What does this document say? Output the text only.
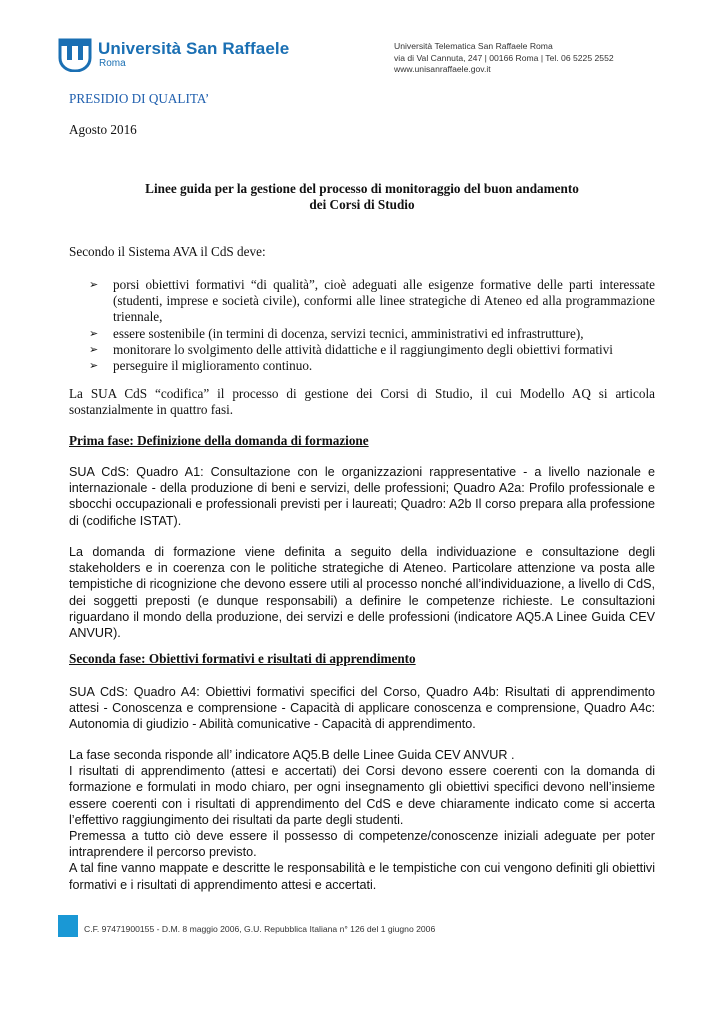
Università San Raffaele
Roma
Università Telematica San Raffaele Roma
via di Val Cannuta, 247 | 00166 Roma | Tel. 06 5225 2552
www.unisanraffaele.gov.it
PRESIDIO DI QUALITA’
Agosto 2016
Linee guida per la gestione del processo di monitoraggio del buon andamento
dei Corsi di Studio
Secondo il Sistema AVA il CdS deve:
➢ porsi obiettivi formativi “di qualità”, cioè adeguati alle esigenze formative delle parti interessate (studenti, imprese e società civile), conformi alle linee strategiche di Ateneo ed alla programmazione triennale,
➢ essere sostenibile (in termini di docenza, servizi tecnici, amministrativi ed infrastrutture),
➢ monitorare lo svolgimento delle attività didattiche e il raggiungimento degli obiettivi formativi
➢ perseguire il miglioramento continuo.
La SUA CdS “codifica” il processo di gestione dei Corsi di Studio, il cui Modello AQ si articola sostanzialmente in quattro fasi.
Prima fase: Definizione della domanda di formazione
SUA CdS: Quadro A1: Consultazione con le organizzazioni rappresentative - a livello nazionale e internazionale - della produzione di beni e servizi, delle professioni; Quadro A2a: Profilo professionale e sbocchi occupazionali e professionali previsti per i laureati; Quadro: A2b Il corso prepara alla professione di (codifiche ISTAT).
La domanda di formazione viene definita a seguito della individuazione e consultazione degli stakeholders e in coerenza con le politiche strategiche di Ateneo. Particolare attenzione va posta alle tempistiche di ricognizione che devono essere utili al processo nonché all’individuazione, a livello di CdS, dei soggetti preposti (e dunque responsabili) a definire le competenze richieste. Le consultazioni riguardano il mondo della produzione, dei servizi e delle professioni (indicatore AQ5.A Linee Guida CEV ANVUR).
Seconda fase: Obiettivi formativi e risultati di apprendimento
SUA CdS: Quadro A4: Obiettivi formativi specifici del Corso, Quadro A4b: Risultati di apprendimento attesi - Conoscenza e comprensione - Capacità di applicare conoscenza e comprensione, Quadro A4c: Autonomia di giudizio - Abilità comunicative - Capacità di apprendimento.

La fase seconda risponde all’ indicatore AQ5.B delle Linee Guida CEV ANVUR .

I risultati di apprendimento (attesi e accertati) dei Corsi devono essere coerenti con la domanda di formazione e formulati in modo chiaro, per ogni insegnamento gli obiettivi specifici devono nell’insieme essere coerenti con i risultati di apprendimento del CdS e deve chiaramente indicato come si accerta l’effettivo raggiungimento dei risultati da parte degli studenti.

Premessa a tutto ciò deve essere il possesso di competenze/conoscenze iniziali adeguate per poter intraprendere il percorso previsto.

A tal fine vanno mappate e descritte le responsabilità e le tempistiche con cui vengono definiti gli obiettivi formativi e i risultati di apprendimento attesi e accertati.

C.F. 97471900155 - D.M. 8 maggio 2006, G.U. Repubblica Italiana n° 126 del 1 giugno 2006
